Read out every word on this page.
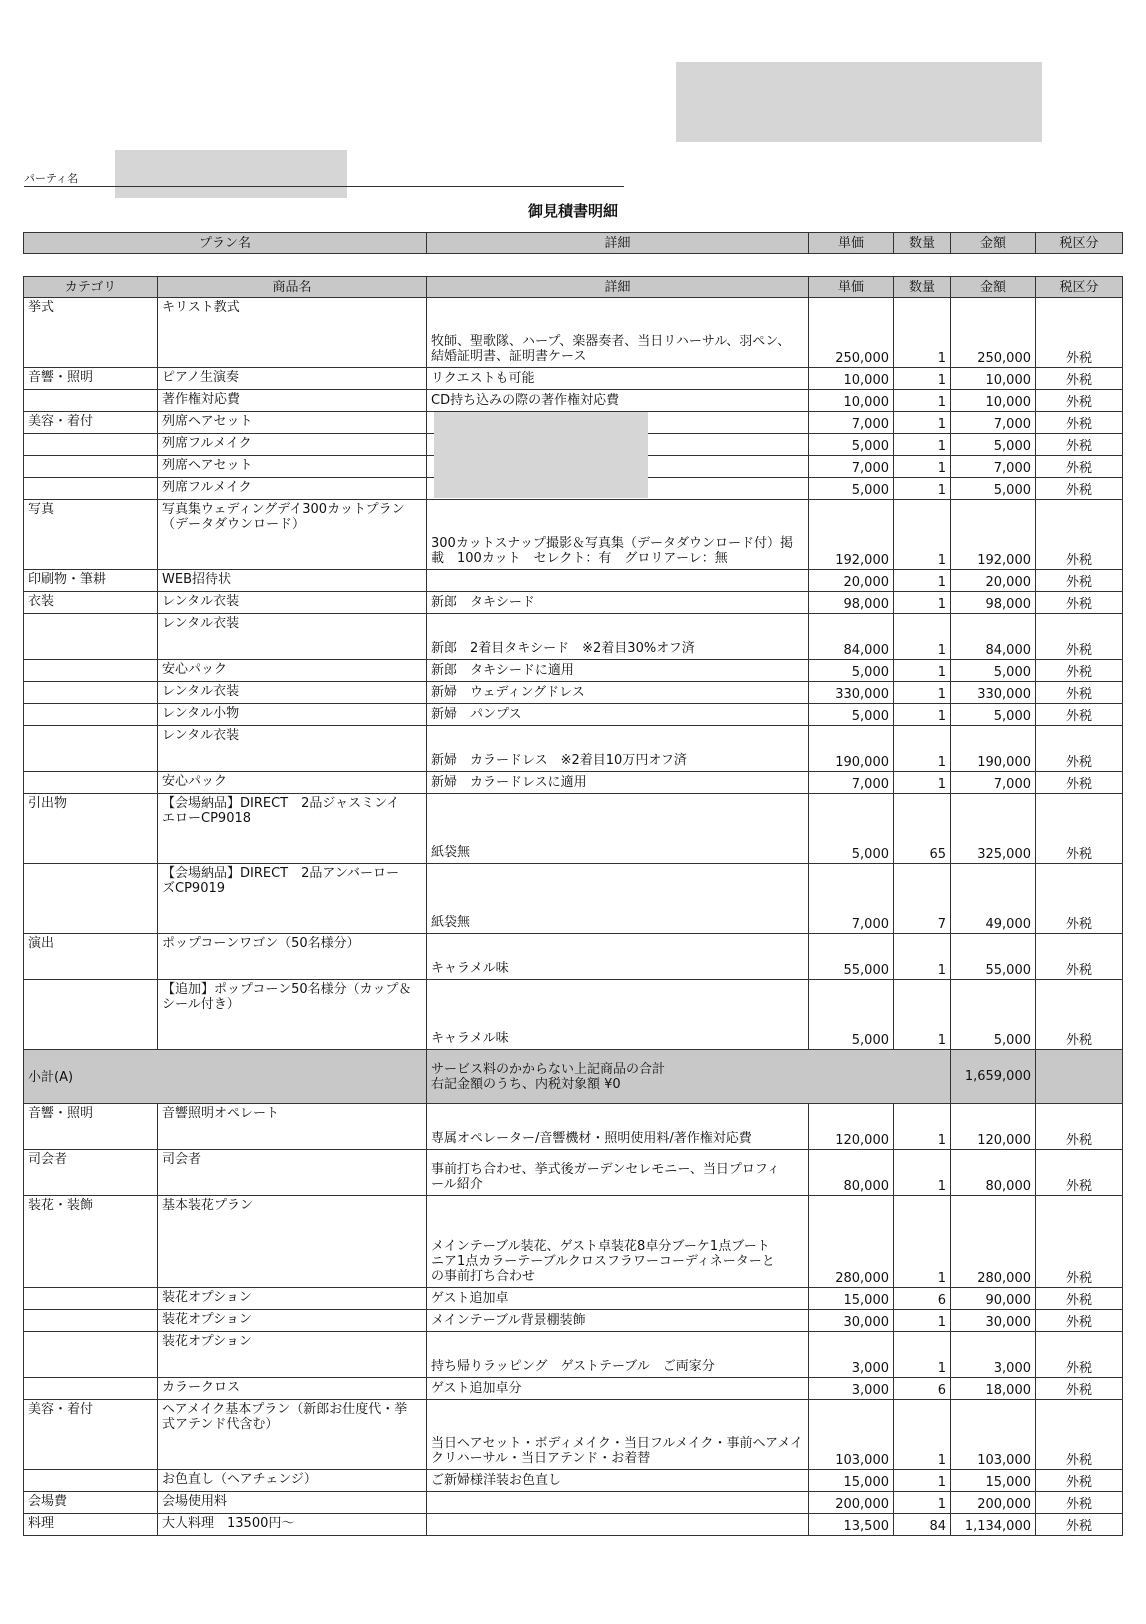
パーティ名
御見積書明細
プラン名	詳細	単価	数量	金額	税区分
カテゴリ	商品名	詳細	単価	数量	金額	税区分
挙式	キリスト教式	牧師、聖歌隊、ハープ、楽器奏者、当日リハーサル、羽ペン、
結婚証明書、証明書ケース	250,000	1	250,000	外税
音響・照明	ピアノ生演奏	リクエストも可能	10,000	1	10,000	外税
	著作権対応費	CD持ち込みの際の著作権対応費	10,000	1	10,000	外税
美容・着付	列席ヘアセット		7,000	1	7,000	外税
	列席フルメイク		5,000	1	5,000	外税
	列席ヘアセット		7,000	1	7,000	外税
	列席フルメイク		5,000	1	5,000	外税
写真	写真集ウェディングデイ300カットプラン
（データダウンロード）	300カットスナップ撮影＆写真集（データダウンロード付）掲
載　100カット　セレクト：有　グロリアーレ：無	192,000	1	192,000	外税
印刷物・筆耕	WEB招待状		20,000	1	20,000	外税
衣装	レンタル衣装	新郎　タキシード	98,000	1	98,000	外税
	レンタル衣装	新郎　2着目タキシード　※2着目30%オフ済	84,000	1	84,000	外税
	安心パック	新郎　タキシードに適用	5,000	1	5,000	外税
	レンタル衣装	新婦　ウェディングドレス	330,000	1	330,000	外税
	レンタル小物	新婦　パンプス	5,000	1	5,000	外税
	レンタル衣装	新婦　カラードレス　※2着目10万円オフ済	190,000	1	190,000	外税
	安心パック	新婦　カラードレスに適用	7,000	1	7,000	外税
引出物	【会場納品】DIRECT　2品ジャスミンイ
エローCP9018	紙袋無	5,000	65	325,000	外税
	【会場納品】DIRECT　2品アンバーロー
ズCP9019	紙袋無	7,000	7	49,000	外税
演出	ポップコーンワゴン（50名様分）	キャラメル味	55,000	1	55,000	外税
	【追加】ポップコーン50名様分（カップ＆
シール付き）	キャラメル味	5,000	1	5,000	外税
小計(A)		サービス料のかからない上記商品の合計
右記金額のうち、内税対象額 ¥0			1,659,000	
音響・照明	音響照明オペレート	専属オペレーター/音響機材・照明使用料/著作権対応費	120,000	1	120,000	外税
司会者	司会者	事前打ち合わせ、挙式後ガーデンセレモニー、当日プロフィ
ール紹介	80,000	1	80,000	外税
装花・装飾	基本装花プラン	メインテーブル装花、ゲスト卓装花8卓分ブーケ1点ブート
ニア1点カラーテーブルクロスフラワーコーディネーターと
の事前打ち合わせ	280,000	1	280,000	外税
	装花オプション	ゲスト追加卓	15,000	6	90,000	外税
	装花オプション	メインテーブル背景棚装飾	30,000	1	30,000	外税
	装花オプション	持ち帰りラッピング　ゲストテーブル　ご両家分	3,000	1	3,000	外税
	カラークロス	ゲスト追加卓分	3,000	6	18,000	外税
美容・着付	ヘアメイク基本プラン（新郎お仕度代・挙
式アテンド代含む）	当日ヘアセット・ボディメイク・当日フルメイク・事前ヘアメイ
クリハーサル・当日アテンド・お着替	103,000	1	103,000	外税
	お色直し（ヘアチェンジ）	ご新婦様洋装お色直し	15,000	1	15,000	外税
会場費	会場使用料		200,000	1	200,000	外税
料理	大人料理　13500円～		13,500	84	1,134,000	外税
